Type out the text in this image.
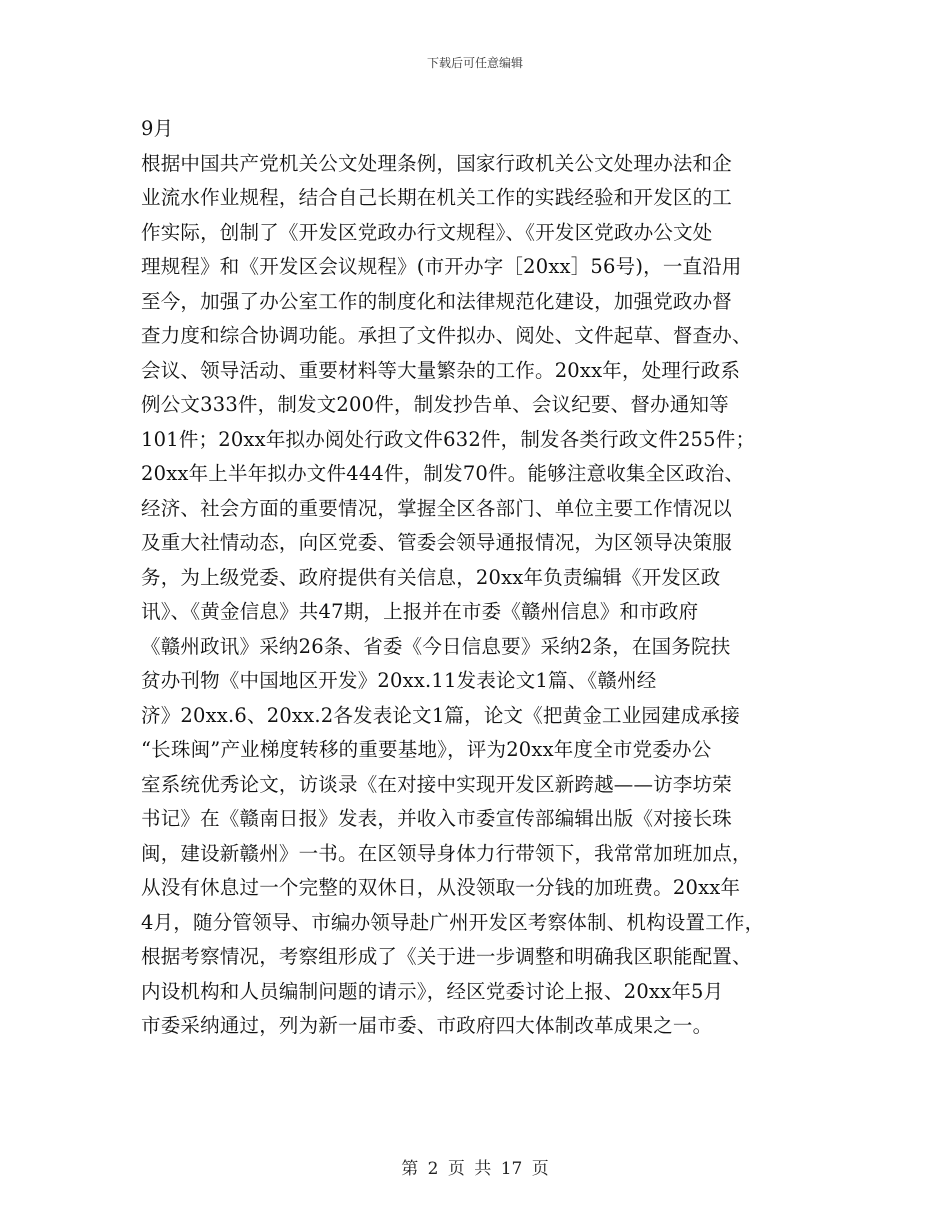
下载后可任意编辑
9月
根据中国共产党机关公文处理条例，国家行政机关公文处理办法和企
业流水作业规程，结合自己长期在机关工作的实践经验和开发区的工
作实际，创制了《开发区党政办行文规程》、《开发区党政办公文处
理规程》和《开发区会议规程》(市开办字［20xx］56号)，一直沿用
至今，加强了办公室工作的制度化和法律规范化建设，加强党政办督
查力度和综合协调功能。承担了文件拟办、阅处、文件起草、督查办、
会议、领导活动、重要材料等大量繁杂的工作。20xx年，处理行政系
例公文333件，制发文200件，制发抄告单、会议纪要、督办通知等
101件；20xx年拟办阅处行政文件632件，制发各类行政文件255件；
20xx年上半年拟办文件444件，制发70件。能够注意收集全区政治、
经济、社会方面的重要情况，掌握全区各部门、单位主要工作情况以
及重大社情动态，向区党委、管委会领导通报情况，为区领导决策服
务，为上级党委、政府提供有关信息，20xx年负责编辑《开发区政
讯》、《黄金信息》共47期，上报并在市委《赣州信息》和市政府
《赣州政讯》采纳26条、省委《今日信息要》采纳2条，在国务院扶
贫办刊物《中国地区开发》20xx.11发表论文1篇、《赣州经
济》20xx.6、20xx.2各发表论文1篇，论文《把黄金工业园建成承接
“长珠闽”产业梯度转移的重要基地》，评为20xx年度全市党委办公
室系统优秀论文，访谈录《在对接中实现开发区新跨越——访李坊荣
书记》在《赣南日报》发表，并收入市委宣传部编辑出版《对接长珠
闽，建设新赣州》一书。在区领导身体力行带领下，我常常加班加点，
从没有休息过一个完整的双休日，从没领取一分钱的加班费。20xx年
4月，随分管领导、市编办领导赴广州开发区考察体制、机构设置工作，
根据考察情况，考察组形成了《关于进一步调整和明确我区职能配置、
内设机构和人员编制问题的请示》，经区党委讨论上报、20xx年5月
市委采纳通过，列为新一届市委、市政府四大体制改革成果之一。
第 2 页 共 17 页
